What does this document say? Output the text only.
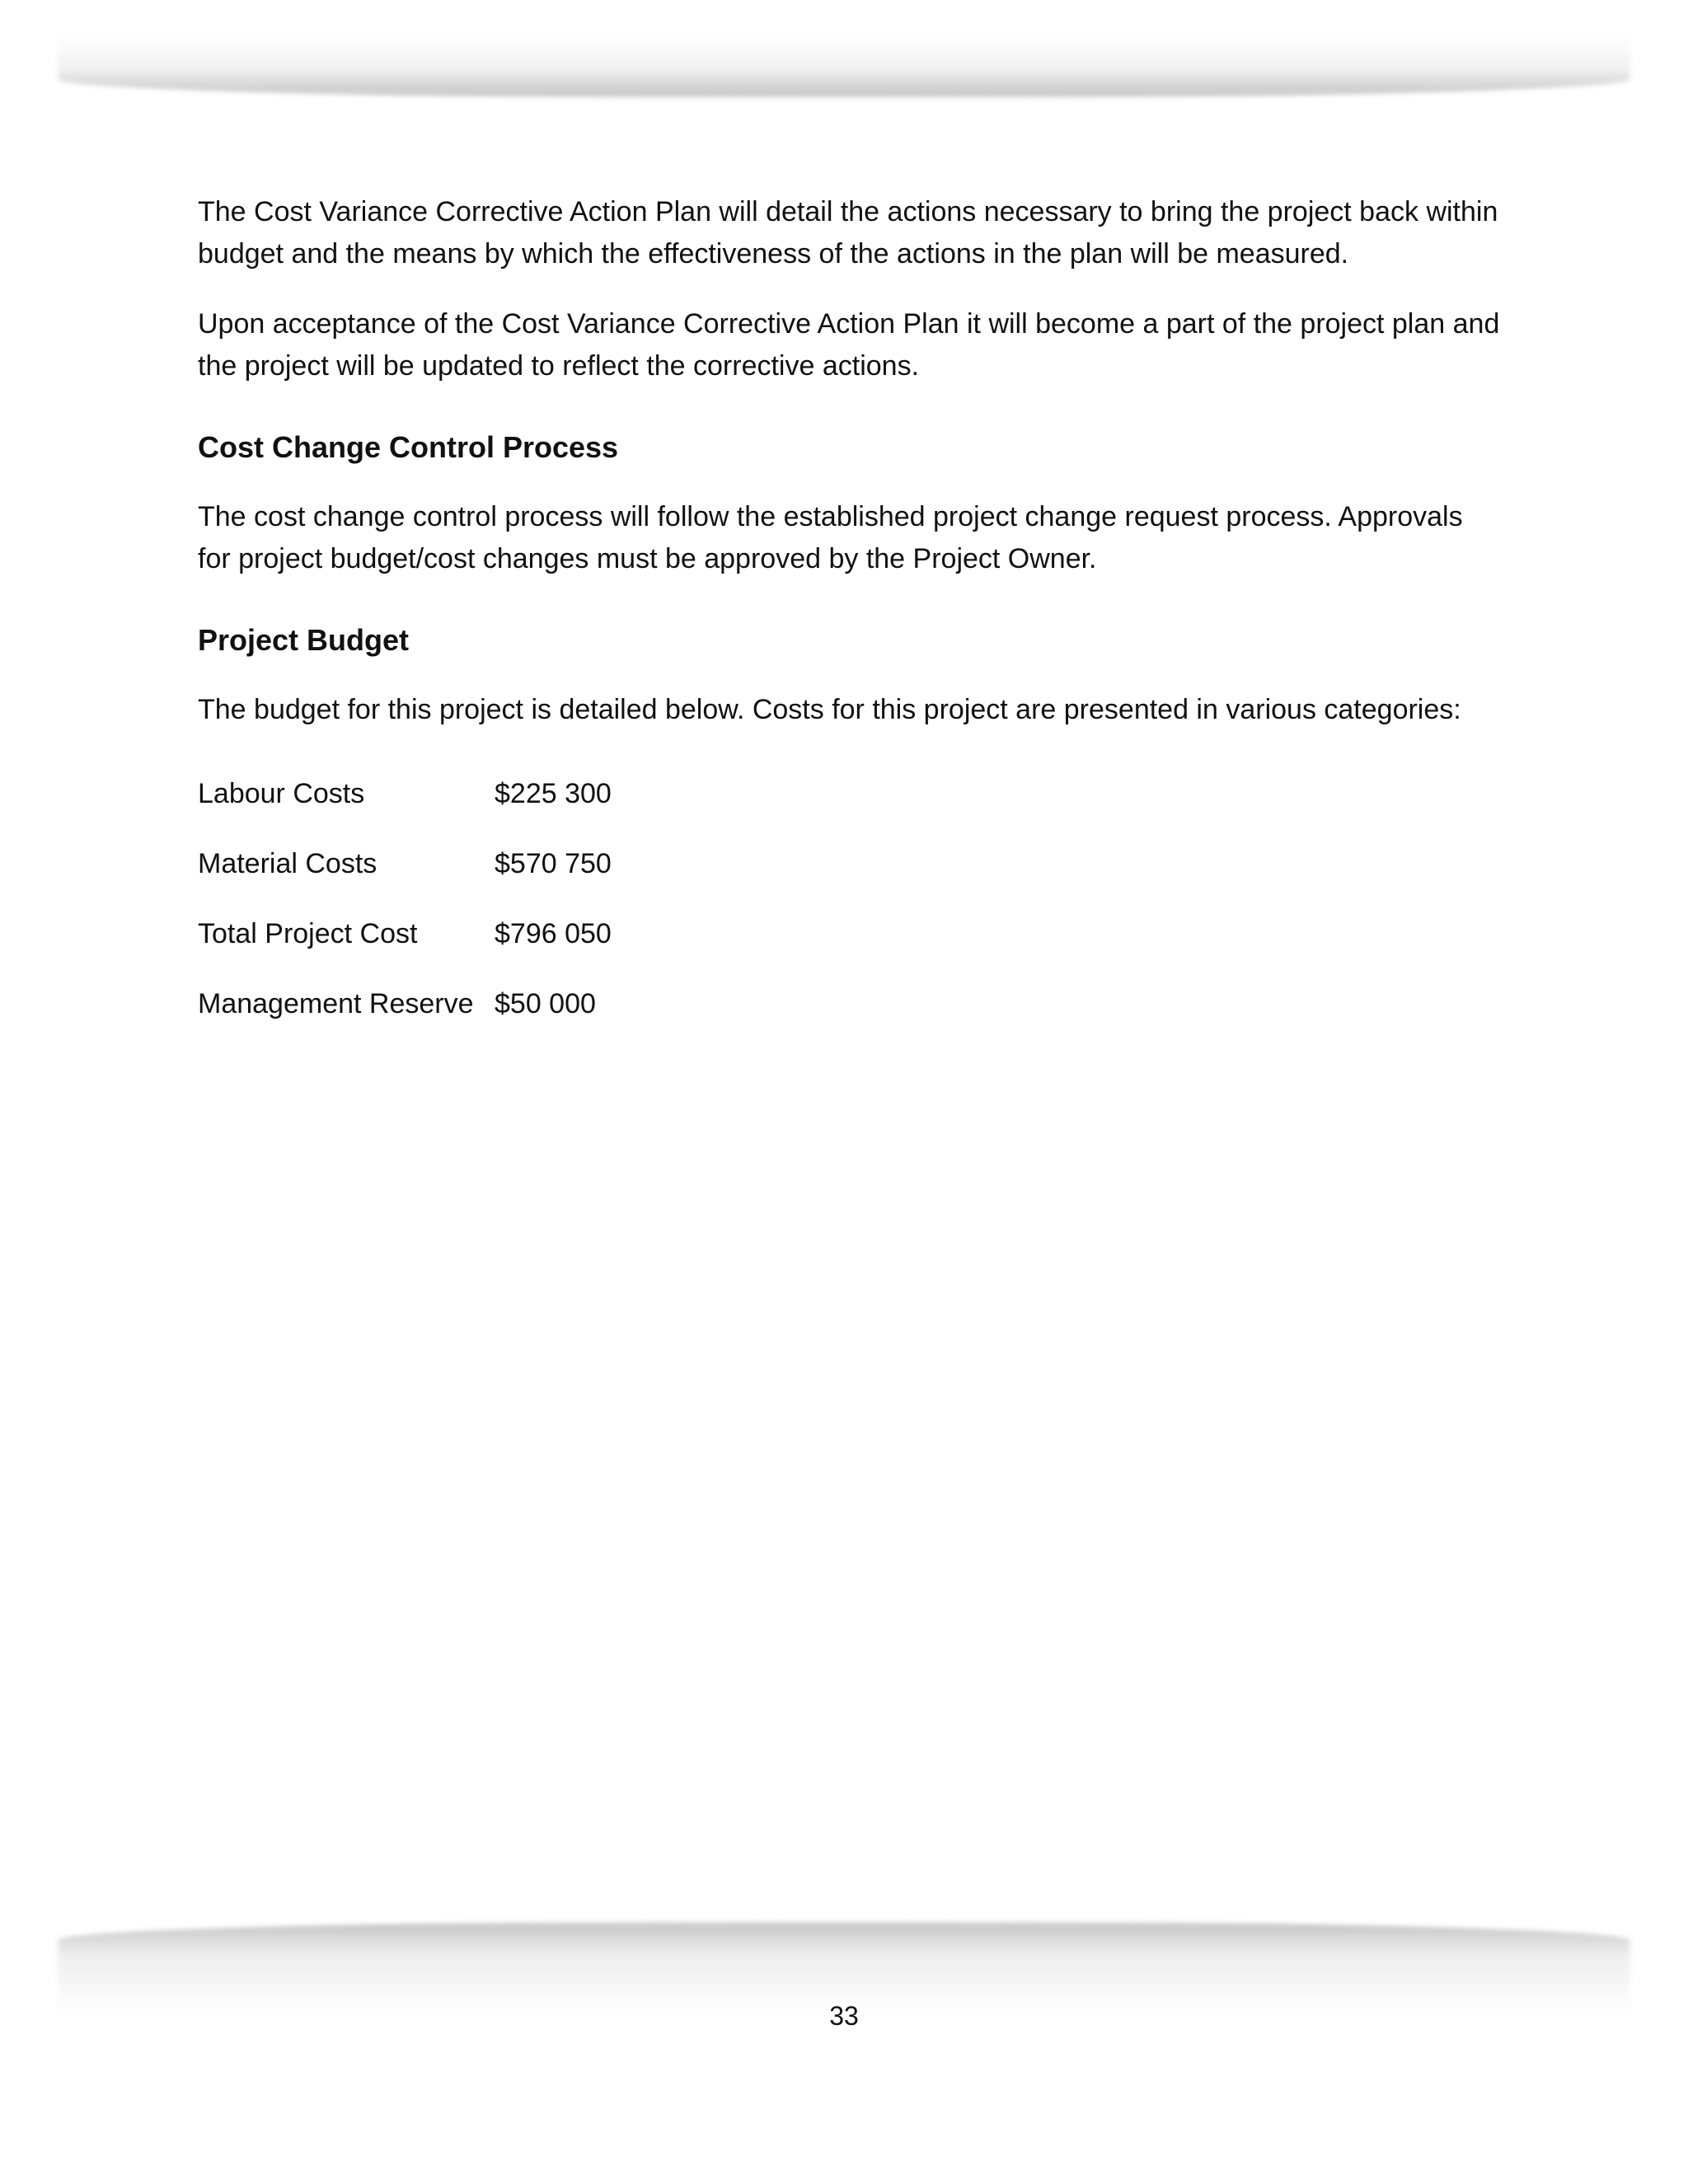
The Cost Variance Corrective Action Plan will detail the actions necessary to bring the project back within budget and the means by which the effectiveness of the actions in the plan will be measured.

Upon acceptance of the Cost Variance Corrective Action Plan it will become a part of the project plan and the project will be updated to reflect the corrective actions.

Cost Change Control Process

The cost change control process will follow the established project change request process. Approvals for project budget/cost changes must be approved by the Project Owner.

Project Budget

The budget for this project is detailed below. Costs for this project are presented in various categories:

Labour Costs	$225 300
Material Costs	$570 750
Total Project Cost	$796 050
Management Reserve	$50 000
33
